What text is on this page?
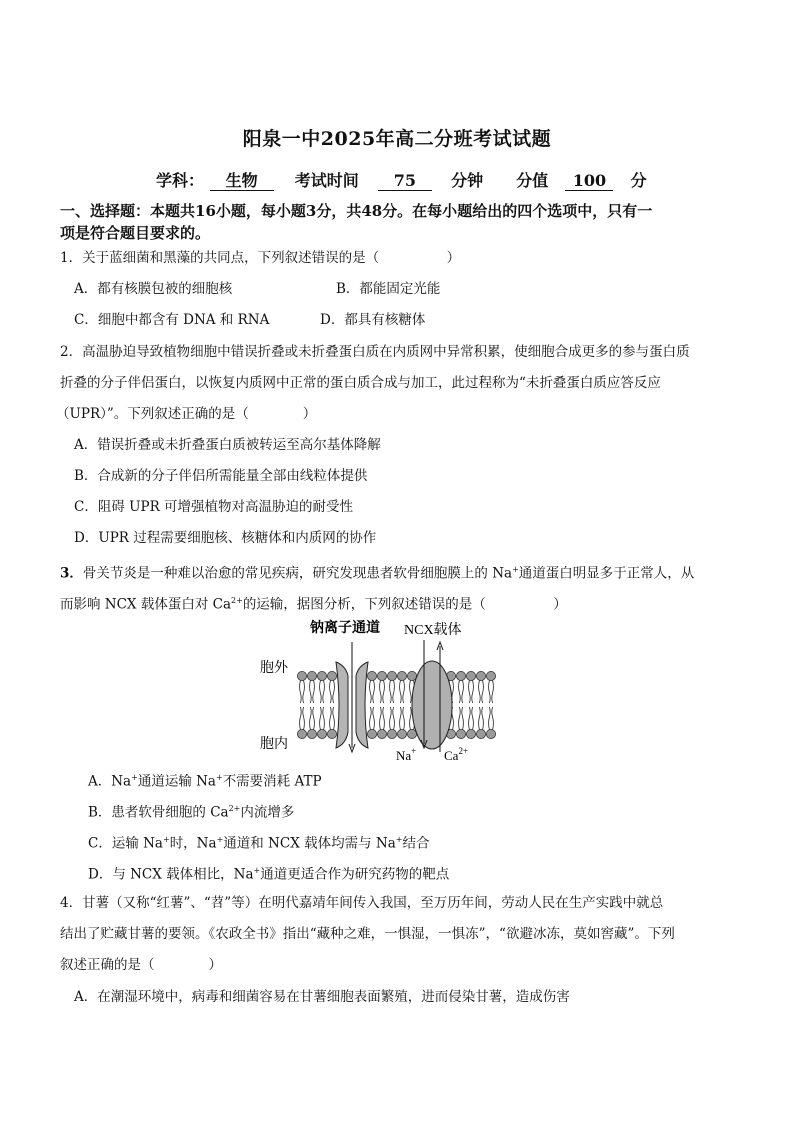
阳泉一中2025年高二分班考试试题
学科： 生物 考试时间 75 分钟 分值 100 分
一、选择题：本题共16小题，每小题3分，共48分。在每小题给出的四个选项中，只有一
项是符合题目要求的。
1．关于蓝细菌和黑藻的共同点，下列叙述错误的是（　　　　　）
A．都有核膜包被的细胞核	B．都能固定光能
C．细胞中都含有 DNA 和 RNA	D．都具有核糖体
2．高温胁迫导致植物细胞中错误折叠或未折叠蛋白质在内质网中异常积累，使细胞合成更多的参与蛋白质
折叠的分子伴侣蛋白，以恢复内质网中正常的蛋白质合成与加工，此过程称为“未折叠蛋白质应答反应
（UPR）”。下列叙述正确的是（　　　　）
A．错误折叠或未折叠蛋白质被转运至高尔基体降解
B．合成新的分子伴侣所需能量全部由线粒体提供
C．阻碍 UPR 可增强植物对高温胁迫的耐受性
D．UPR 过程需要细胞核、核糖体和内质网的协作
3．骨关节炎是一种难以治愈的常见疾病，研究发现患者软骨细胞膜上的 Na+通道蛋白明显多于正常人，从
而影响 NCX 载体蛋白对 $Ca^{2+}$的运输，据图分析，下列叙述错误的是（　　　　　）
钠离子通道 NCX载体
胞外
胞内
Na+ $Ca^{2+}$
A．Na+通道运输 Na+不需要消耗 ATP
B．患者软骨细胞的 $Ca^{2+}$内流增多
C．运输 Na+时，Na+通道和 NCX 载体均需与 Na+结合
D．与 NCX 载体相比，Na+通道更适合作为研究药物的靶点
4．甘薯（又称“红薯”、“苕”等）在明代嘉靖年间传入我国，至万历年间，劳动人民在生产实践中就总
结出了贮藏甘薯的要领。《农政全书》指出“藏种之难，一惧湿，一惧冻”，“欲避冰冻，莫如窖藏”。下列
叙述正确的是（　　　　）
A．在潮湿环境中，病毒和细菌容易在甘薯细胞表面繁殖，进而侵染甘薯，造成伤害
